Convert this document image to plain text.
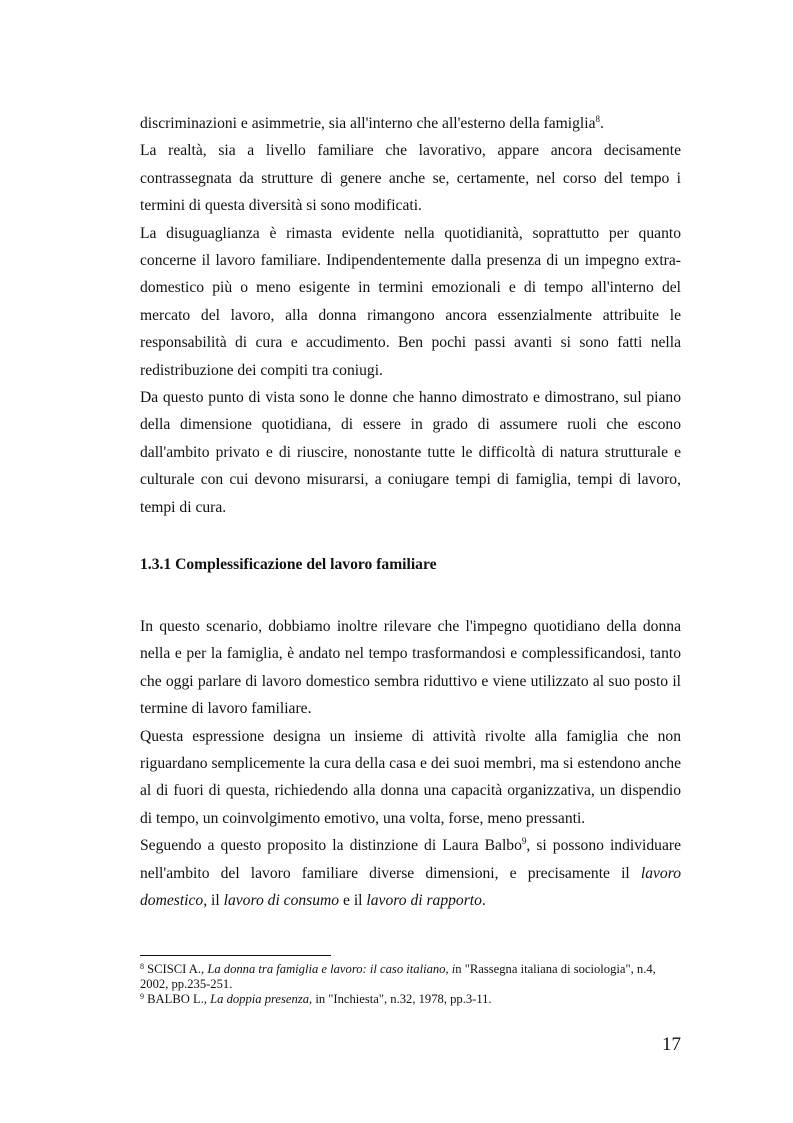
discriminazioni e asimmetrie, sia all'interno che all'esterno della famiglia$^8$.

La realtà, sia a livello familiare che lavorativo, appare ancora decisamente contrassegnata da strutture di genere anche se, certamente, nel corso del tempo i termini di questa diversità si sono modificati.

La disuguaglianza è rimasta evidente nella quotidianità, soprattutto per quanto concerne il lavoro familiare. Indipendentemente dalla presenza di un impegno extra-domestico più o meno esigente in termini emozionali e di tempo all'interno del mercato del lavoro, alla donna rimangono ancora essenzialmente attribuite le responsabilità di cura e accudimento. Ben pochi passi avanti si sono fatti nella redistribuzione dei compiti tra coniugi.

Da questo punto di vista sono le donne che hanno dimostrato e dimostrano, sul piano della dimensione quotidiana, di essere in grado di assumere ruoli che escono dall'ambito privato e di riuscire, nonostante tutte le difficoltà di natura strutturale e culturale con cui devono misurarsi, a coniugare tempi di famiglia, tempi di lavoro, tempi di cura.

1.3.1 Complessificazione del lavoro familiare

In questo scenario, dobbiamo inoltre rilevare che l'impegno quotidiano della donna nella e per la famiglia, è andato nel tempo trasformandosi e complessificandosi, tanto che oggi parlare di lavoro domestico sembra riduttivo e viene utilizzato al suo posto il termine di lavoro familiare.

Questa espressione designa un insieme di attività rivolte alla famiglia che non riguardano semplicemente la cura della casa e dei suoi membri, ma si estendono anche al di fuori di questa, richiedendo alla donna una capacità organizzativa, un dispendio di tempo, un coinvolgimento emotivo, una volta, forse, meno pressanti.

Seguendo a questo proposito la distinzione di Laura Balbo$^9$, si possono individuare nell'ambito del lavoro familiare diverse dimensioni, e precisamente il lavoro domestico, il lavoro di consumo e il lavoro di rapporto.

$^8$ SCISCI A., La donna tra famiglia e lavoro: il caso italiano, in "Rassegna italiana di sociologia", n.4, 2002, pp.235-251.

$^9$ BALBO L., La doppia presenza, in "Inchiesta", n.32, 1978, pp.3-11.

17
